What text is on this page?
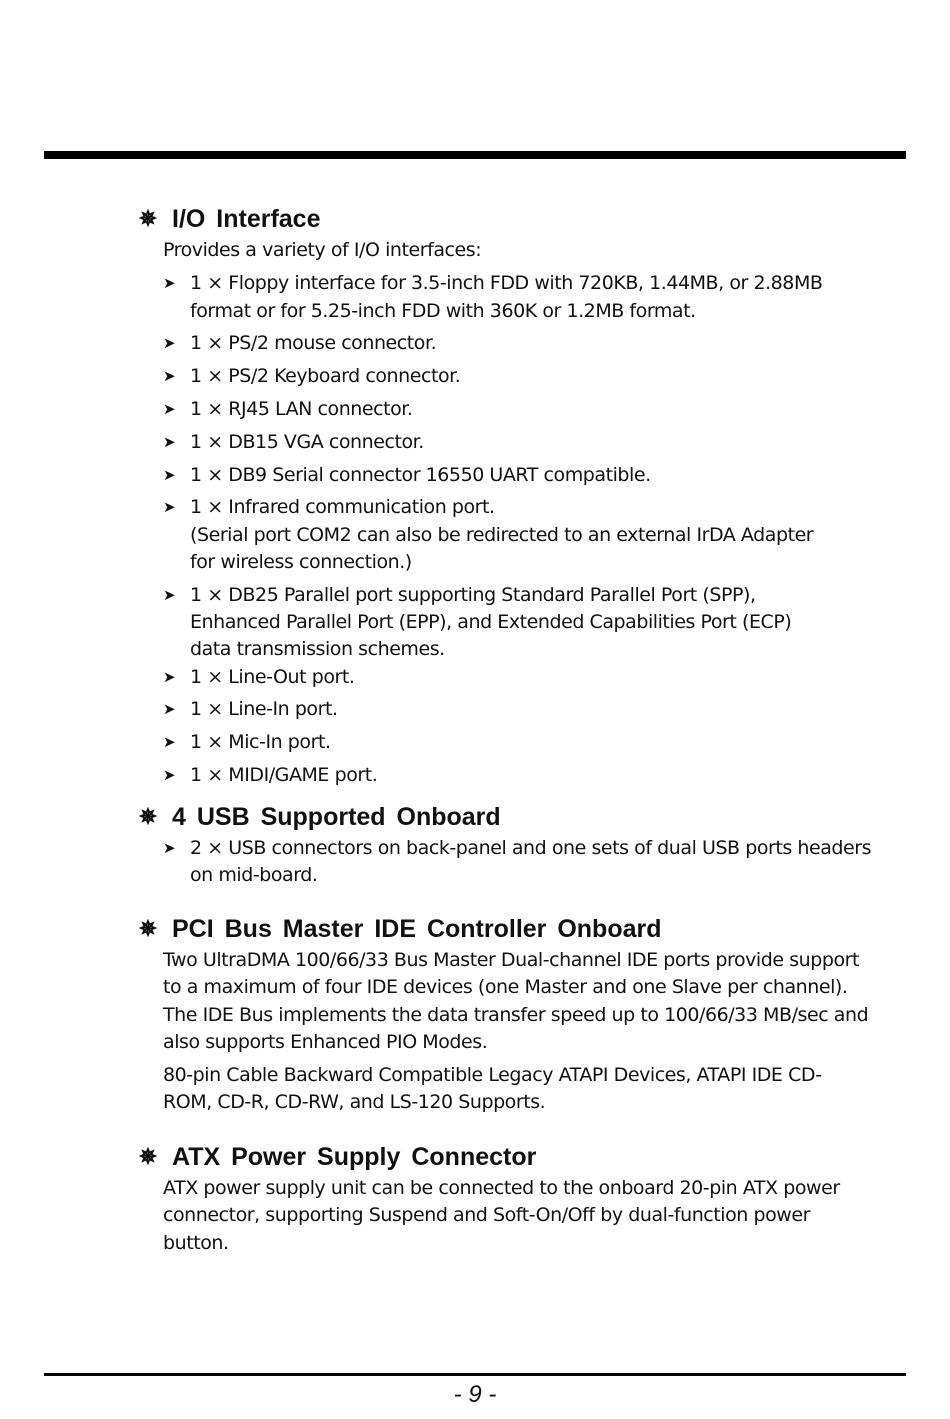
✵ I/O Interface

Provides a variety of I/O interfaces:

➤ 1 × Floppy interface for 3.5-inch FDD with 720KB, 1.44MB, or 2.88MB
format or for 5.25-inch FDD with 360K or 1.2MB format.
➤ 1 × PS/2 mouse connector.
➤ 1 × PS/2 Keyboard connector.
➤ 1 × RJ45 LAN connector.
➤ 1 × DB15 VGA connector.
➤ 1 × DB9 Serial connector 16550 UART compatible.
➤ 1 × Infrared communication port.
(Serial port COM2 can also be redirected to an external IrDA Adapter
for wireless connection.)
➤ 1 × DB25 Parallel port supporting Standard Parallel Port (SPP),
Enhanced Parallel Port (EPP), and Extended Capabilities Port (ECP)
data transmission schemes.
➤ 1 × Line-Out port.
➤ 1 × Line-In port.
➤ 1 × Mic-In port.
➤ 1 × MIDI/GAME port.
✵ 4 USB Supported Onboard
➤ 2 × USB connectors on back-panel and one sets of dual USB ports headers
on mid-board.
✵ PCI Bus Master IDE Controller Onboard

Two UltraDMA 100/66/33 Bus Master Dual-channel IDE ports provide support
to a maximum of four IDE devices (one Master and one Slave per channel).
The IDE Bus implements the data transfer speed up to 100/66/33 MB/sec and
also supports Enhanced PIO Modes.

80-pin Cable Backward Compatible Legacy ATAPI Devices, ATAPI IDE CD-
ROM, CD-R, CD-RW, and LS-120 Supports.

✵ ATX Power Supply Connector

ATX power supply unit can be connected to the onboard 20-pin ATX power
connector, supporting Suspend and Soft-On/Off by dual-function power
button.

- 9 -
